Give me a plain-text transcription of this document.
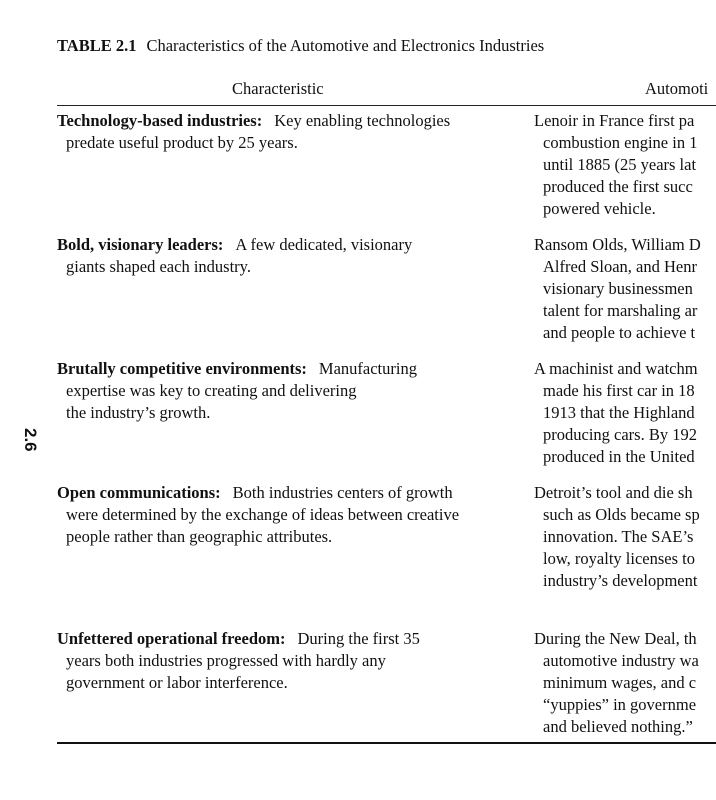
2.6
TABLE 2.1 Characteristics of the Automotive and Electronics Industries
Characteristic	Automoti
Technology-based industries: Key enabling technologies
predate useful product by 25 years.
Lenoir in France first pa
combustion engine in 1
until 1885 (25 years lat
produced the first succ
powered vehicle.
Bold, visionary leaders: A few dedicated, visionary
giants shaped each industry.
Ransom Olds, William D
Alfred Sloan, and Henr
visionary businessmen
talent for marshaling ar
and people to achieve t
Brutally competitive environments: Manufacturing
expertise was key to creating and delivering
the industry’s growth.
A machinist and watchm
made his first car in 18
1913 that the Highland
producing cars. By 192
produced in the United
Open communications: Both industries centers of growth
were determined by the exchange of ideas between creative
people rather than geographic attributes.
Detroit’s tool and die sh
such as Olds became sp
innovation. The SAE’s
low, royalty licenses to
industry’s development
Unfettered operational freedom: During the first 35
years both industries progressed with hardly any
government or labor interference.
During the New Deal, th
automotive industry wa
minimum wages, and c
“yuppies” in governme
and believed nothing.”
